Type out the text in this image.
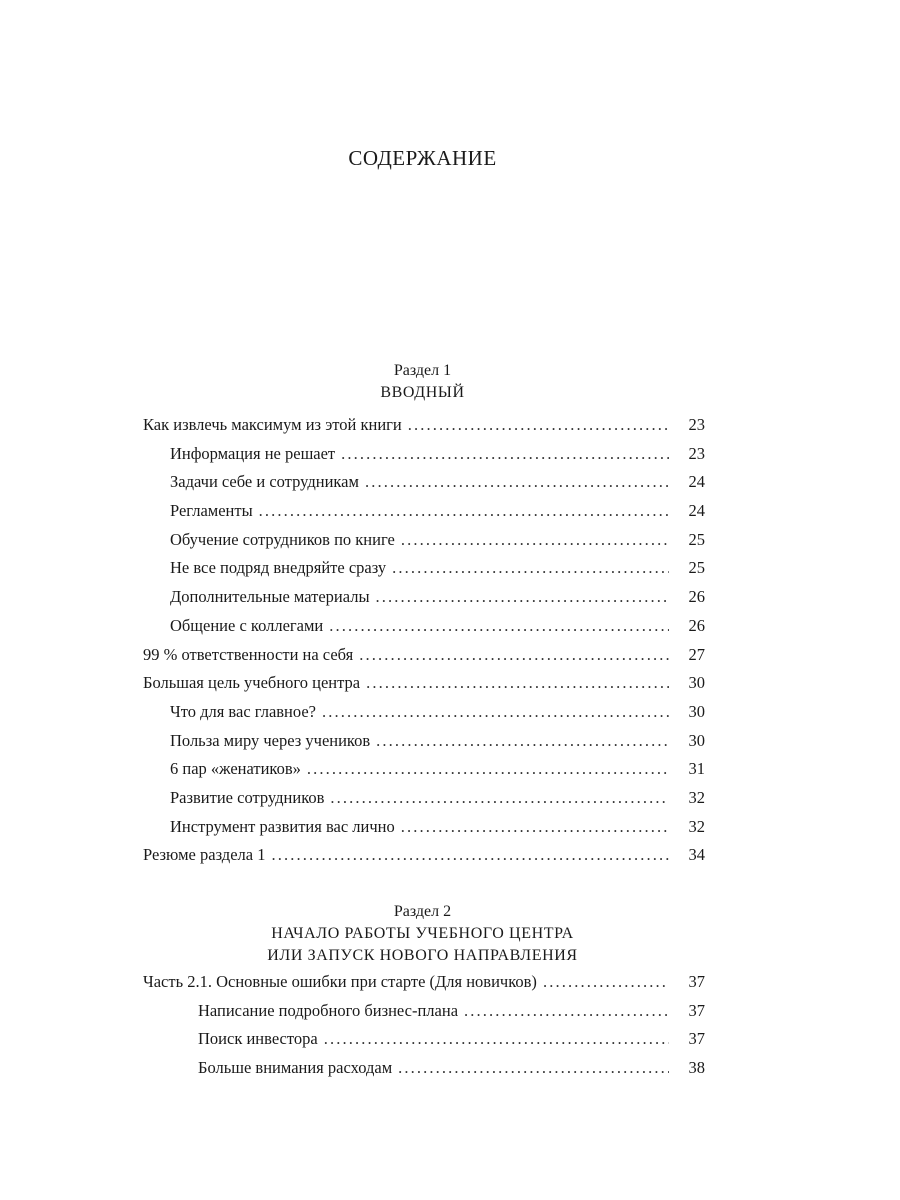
СОДЕРЖАНИЕ
Раздел 1
ВВОДНЫЙ
Как извлечь максимум из этой книги . . .	23
Информация не решает . . .	23
Задачи себе и сотрудникам . . .	24
Регламенты . . .	24
Обучение сотрудников по книге . . .	25
Не все подряд внедряйте сразу . . .	25
Дополнительные материалы . . .	26
Общение с коллегами . . .	26
99 % ответственности на себя . . .	27
Большая цель учебного центра . . .	30
Что для вас главное? . . .	30
Польза миру через учеников . . .	30
6 пар «женатиков» . . .	31
Развитие сотрудников . . .	32
Инструмент развития вас лично . . .	32
Резюме раздела 1 . . .	34
Раздел 2
НАЧАЛО РАБОТЫ УЧЕБНОГО ЦЕНТРА
ИЛИ ЗАПУСК НОВОГО НАПРАВЛЕНИЯ
Часть 2.1. Основные ошибки при старте (Для новичков) . . .	37
Написание подробного бизнес-плана . . .	37
Поиск инвестора . . .	37
Больше внимания расходам . . .	38
